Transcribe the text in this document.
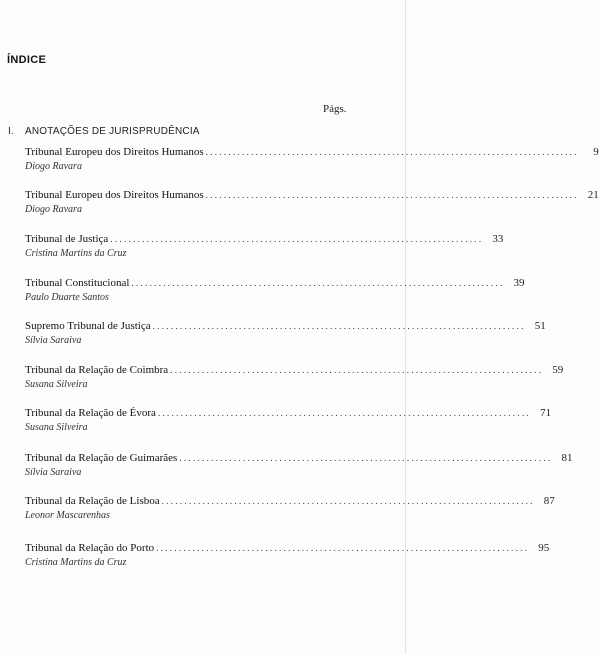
ÍNDICE
Págs.
I. ANOTAÇÕES DE JURISPRUDÊNCIA
Tribunal Europeu dos Direitos Humanos ..................................................................................	9
Diogo Ravara
Tribunal Europeu dos Direitos Humanos .................................................................................. 21
Diogo Ravara
Tribunal de Justiça .................................................................................. 33
Cristina Martins da Cruz
Tribunal Constitucional .................................................................................. 39
Paulo Duarte Santos
Supremo Tribunal de Justiça .................................................................................. 51
Sílvia Saraiva
Tribunal da Relação de Coimbra .................................................................................. 59
Susana Silveira
Tribunal da Relação de Évora .................................................................................. 71
Susana Silveira
Tribunal da Relação de Guimarães .................................................................................. 81
Sílvia Saraiva
Tribunal da Relação de Lisboa .................................................................................. 87
Leonor Mascarenhas
Tribunal da Relação do Porto .................................................................................. 95
Cristina Martins da Cruz
